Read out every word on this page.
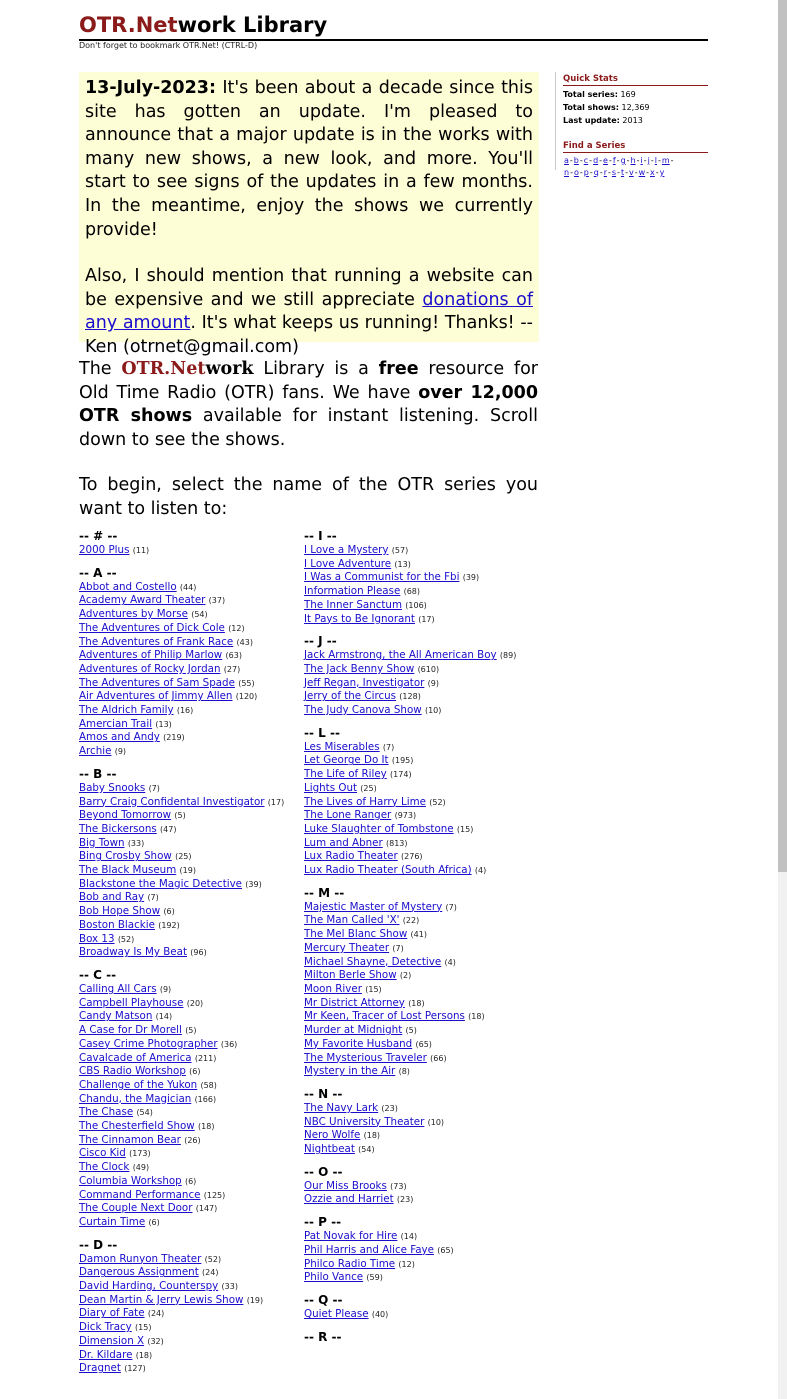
OTR.Network Library
Don't forget to bookmark OTR.Net! (CTRL-D)

13-July-2023: It's been about a decade since this site has gotten an update. I'm pleased to announce that a major update is in the works with many new shows, a new look, and more. You'll start to see signs of the updates in a few months. In the meantime, enjoy the shows we currently provide!

Also, I should mention that running a website can be expensive and we still appreciate donations of any amount. It's what keeps us running! Thanks! --Ken (otrnet@gmail.com)

Quick Stats
Total series: 169
Total shows: 12,369
Last update: 2013
Find a Series
a-b-c-d-e-f-g-h-i-j-l-m-
n-o-p-q-r-s-t-v-w-x-y

The OTR.Network Library is a free resource for Old Time Radio (OTR) fans. We have over 12,000 OTR shows available for instant listening. Scroll down to see the shows.

To begin, select the name of the OTR series you want to listen to:

-- # --
2000 Plus (11)
-- A --
Abbot and Costello (44)
Academy Award Theater (37)
Adventures by Morse (54)
The Adventures of Dick Cole (12)
The Adventures of Frank Race (43)
Adventures of Philip Marlow (63)
Adventures of Rocky Jordan (27)
The Adventures of Sam Spade (55)
Air Adventures of Jimmy Allen (120)
The Aldrich Family (16)
Amercian Trail (13)
Amos and Andy (219)
Archie (9)
-- B --
Baby Snooks (7)
Barry Craig Confidental Investigator (17)
Beyond Tomorrow (5)
The Bickersons (47)
Big Town (33)
Bing Crosby Show (25)
The Black Museum (19)
Blackstone the Magic Detective (39)
Bob and Ray (7)
Bob Hope Show (6)
Boston Blackie (192)
Box 13 (52)
Broadway Is My Beat (96)
-- C --
Calling All Cars (9)
Campbell Playhouse (20)
Candy Matson (14)
A Case for Dr Morell (5)
Casey Crime Photographer (36)
Cavalcade of America (211)
CBS Radio Workshop (6)
Challenge of the Yukon (58)
Chandu, the Magician (166)
The Chase (54)
The Chesterfield Show (18)
The Cinnamon Bear (26)
Cisco Kid (173)
The Clock (49)
Columbia Workshop (6)
Command Performance (125)
The Couple Next Door (147)
Curtain Time (6)
-- D --
Damon Runyon Theater (52)
Dangerous Assignment (24)
David Harding, Counterspy (33)
Dean Martin & Jerry Lewis Show (19)
Diary of Fate (24)
Dick Tracy (15)
Dimension X (32)
Dr. Kildare (18)
Dragnet (127)
-- I --
I Love a Mystery (57)
I Love Adventure (13)
I Was a Communist for the Fbi (39)
Information Please (68)
The Inner Sanctum (106)
It Pays to Be Ignorant (17)
-- J --
Jack Armstrong, the All American Boy (89)
The Jack Benny Show (610)
Jeff Regan, Investigator (9)
Jerry of the Circus (128)
The Judy Canova Show (10)
-- L --
Les Miserables (7)
Let George Do It (195)
The Life of Riley (174)
Lights Out (25)
The Lives of Harry Lime (52)
The Lone Ranger (973)
Luke Slaughter of Tombstone (15)
Lum and Abner (813)
Lux Radio Theater (276)
Lux Radio Theater (South Africa) (4)
-- M --
Majestic Master of Mystery (7)
The Man Called 'X' (22)
The Mel Blanc Show (41)
Mercury Theater (7)
Michael Shayne, Detective (4)
Milton Berle Show (2)
Moon River (15)
Mr District Attorney (18)
Mr Keen, Tracer of Lost Persons (18)
Murder at Midnight (5)
My Favorite Husband (65)
The Mysterious Traveler (66)
Mystery in the Air (8)
-- N --
The Navy Lark (23)
NBC University Theater (10)
Nero Wolfe (18)
Nightbeat (54)
-- O --
Our Miss Brooks (73)
Ozzie and Harriet (23)
-- P --
Pat Novak for Hire (14)
Phil Harris and Alice Faye (65)
Philco Radio Time (12)
Philo Vance (59)
-- Q --
Quiet Please (40)
-- R --
